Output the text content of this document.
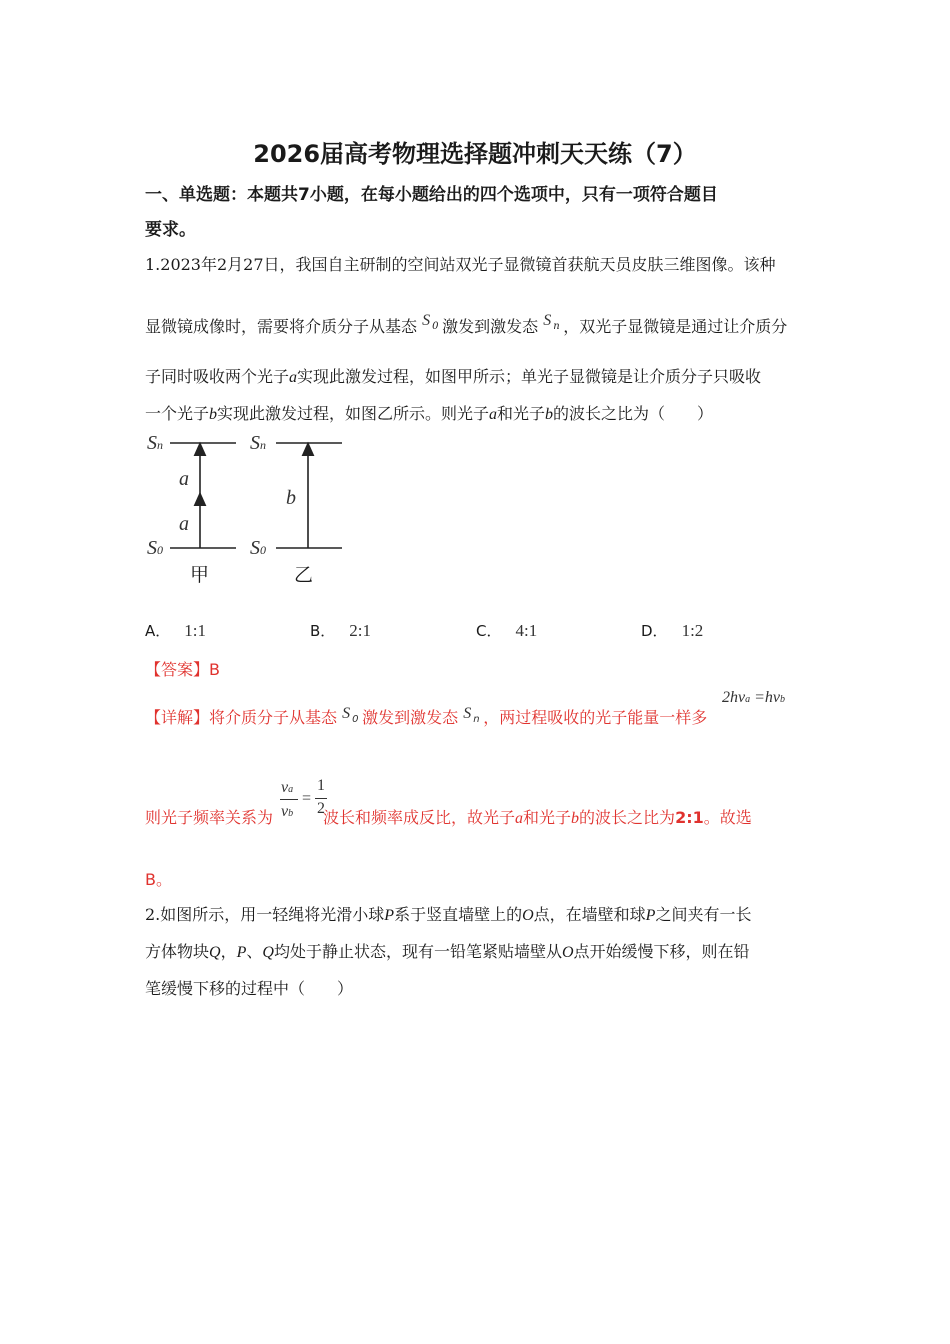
2026届高考物理选择题冲刺天天练（7）
一、单选题：本题共7小题，在每小题给出的四个选项中，只有一项符合题目
要求。
1.2023年2月27日，我国自主研制的空间站双光子显微镜首获航天员皮肤三维图像。该种
显微镜成像时，需要将介质分子从基态 S 0 激发到激发态 S n ，双光子显微镜是通过让介质分
子同时吸收两个光子a实现此激发过程，如图甲所示；单光子显微镜是让介质分子只吸收
一个光子b实现此激发过程，如图乙所示。则光子a和光子b的波长之比为（　　）
Sn
S0
a
a
甲
Sn
S0
b
乙
A． 1:1	B． 2:1	C． 4:1	D． 1:2
【答案】B
【详解】将介质分子从基态 S 0 激发到激发态 S n ，两过程吸收的光子能量一样多
2hνa =hνb
则光子频率关系为	波长和频率成反比，故光子a和光子b的波长之比为2:1。故选
νa
νb
=
1
2
B。
2.如图所示，用一轻绳将光滑小球P系于竖直墙壁上的O点，在墙壁和球P之间夹有一长
方体物块Q，P、Q均处于静止状态，现有一铅笔紧贴墙壁从O点开始缓慢下移，则在铅
笔缓慢下移的过程中（　　）
